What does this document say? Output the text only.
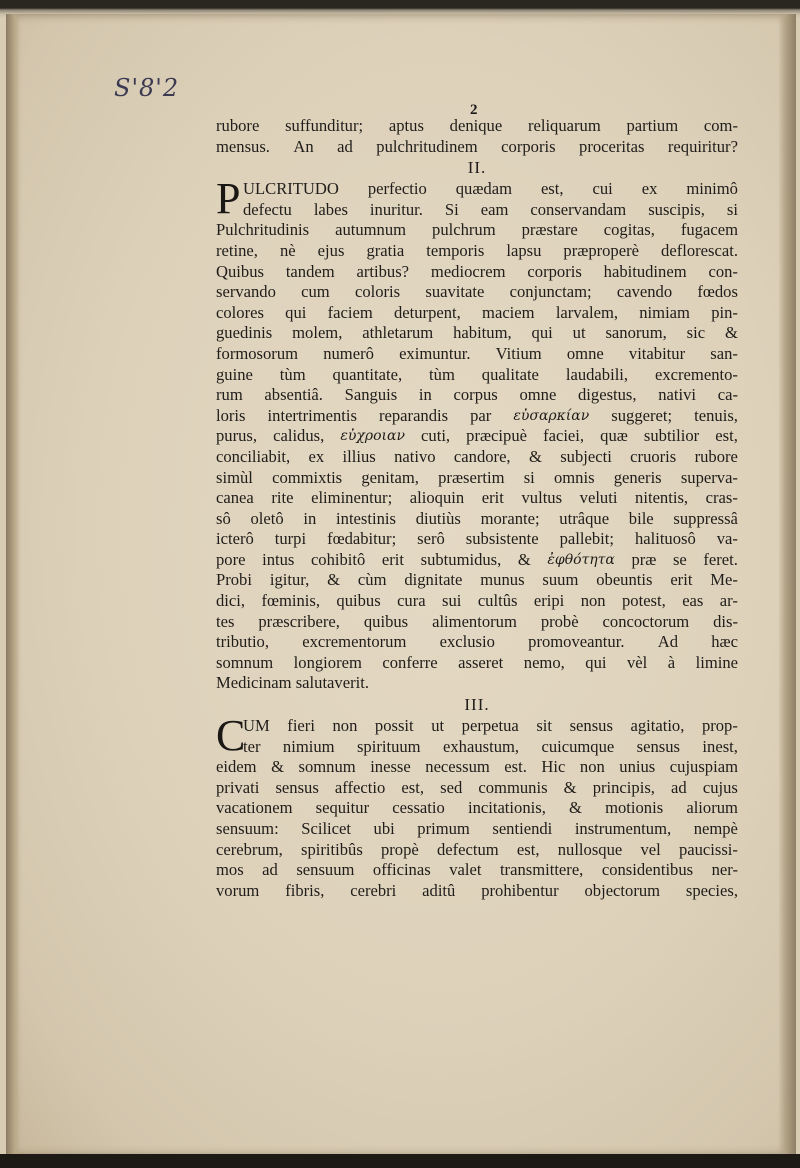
S'8'2
2
rubore suffunditur; aptus denique reliquarum partium com-
mensus. An ad pulchritudinem corporis proceritas requiritur?
II.
P ULCRITUDO perfectio quædam est, cui ex minimô
defectu labes inuritur. Si eam conservandam suscipis, si
Pulchritudinis autumnum pulchrum præstare cogitas, fugacem
retine, nè ejus gratia temporis lapsu præproperè deflorescat.
Quibus tandem artibus? mediocrem corporis habitudinem con-
servando cum coloris suavitate conjunctam; cavendo fœdos
colores qui faciem deturpent, maciem larvalem, nimiam pin-
guedinis molem, athletarum habitum, qui ut sanorum, sic &
formosorum numerô eximuntur. Vitium omne vitabitur san-
guine tùm quantitate, tùm qualitate laudabili, excremento-
rum absentiâ. Sanguis in corpus omne digestus, nativi ca-
loris intertrimentis reparandis par εὐσαρκίαν suggeret; tenuis,
purus, calidus, εὐχροιαν cuti, præcipuè faciei, quæ subtilior est,
conciliabit, ex illius nativo candore, & subjecti cruoris rubore
simùl commixtis genitam, præsertim si omnis generis superva-
canea rite eliminentur; alioquin erit vultus veluti nitentis, cras-
sô oletô in intestinis diutiùs morante; utrâque bile suppressâ
icterô turpi fœdabitur; serô subsistente pallebit; halituosô va-
pore intus cohibitô erit subtumidus, & ἐφθότητα præ se feret.
Probi igitur, & cùm dignitate munus suum obeuntis erit Me-
dici, fœminis, quibus cura sui cultûs eripi non potest, eas ar-
tes præscribere, quibus alimentorum probè concoctorum dis-
tributio, excrementorum exclusio promoveantur. Ad hæc
somnum longiorem conferre asseret nemo, qui vèl à limine
Medicinam salutaverit.
III.
C
UM fieri non possit ut perpetua sit sensus agitatio, prop-
ter nimium spirituum exhaustum, cuicumque sensus inest,
eidem & somnum inesse necessum est. Hic non unius cujuspiam
privati sensus affectio est, sed communis & principis, ad cujus
vacationem sequitur cessatio incitationis, & motionis aliorum
sensuum: Scilicet ubi primum sentiendi instrumentum, nempè
cerebrum, spiritibûs propè defectum est, nullosque vel paucissi-
mos ad sensuum officinas valet transmittere, considentibus ner-
vorum fibris, cerebri aditû prohibentur objectorum species,
